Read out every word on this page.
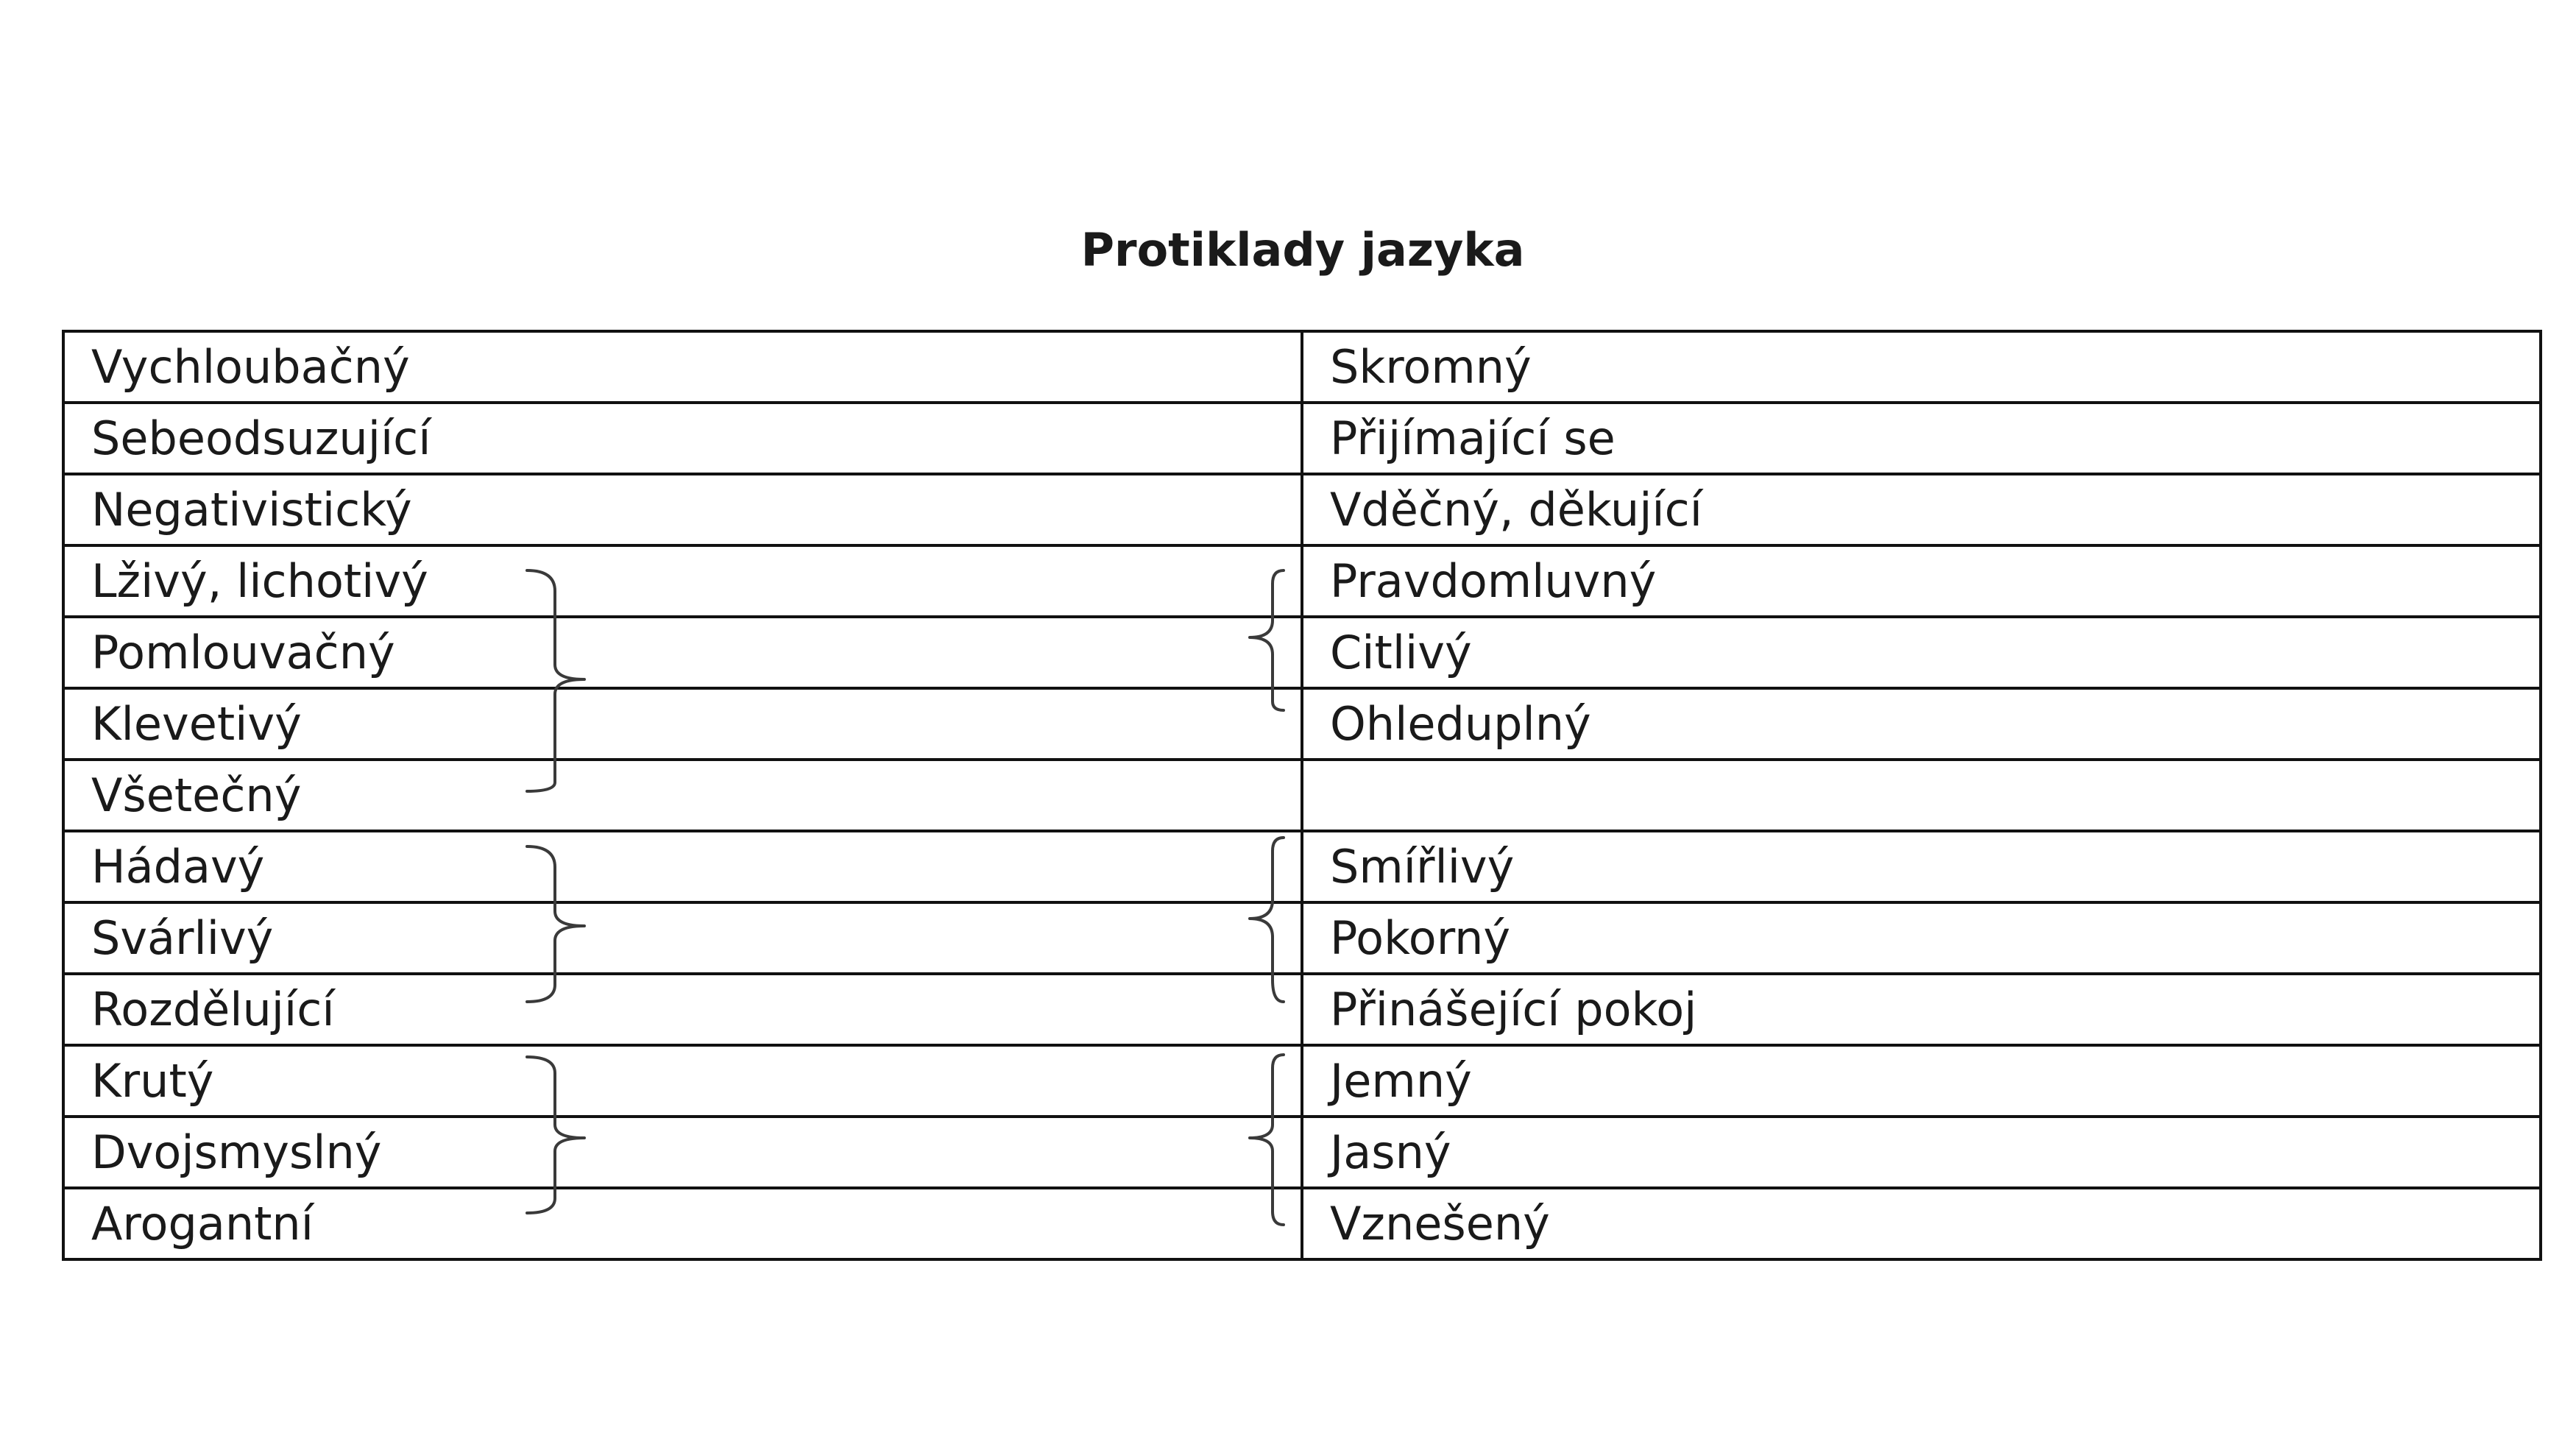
Protiklady jazyka
Vychloubačný	Skromný
Sebeodsuzující	Přijímající se
Negativistický	Vděčný, děkující
Lživý, lichotivý	Pravdomluvný
Pomlouvačný	Citlivý
Klevetivý	Ohleduplný
Všetečný	
Hádavý	Smířlivý
Svárlivý	Pokorný
Rozdělující	Přinášející pokoj
Krutý	Jemný
Dvojsmyslný	Jasný
Arogantní	Vznešený
